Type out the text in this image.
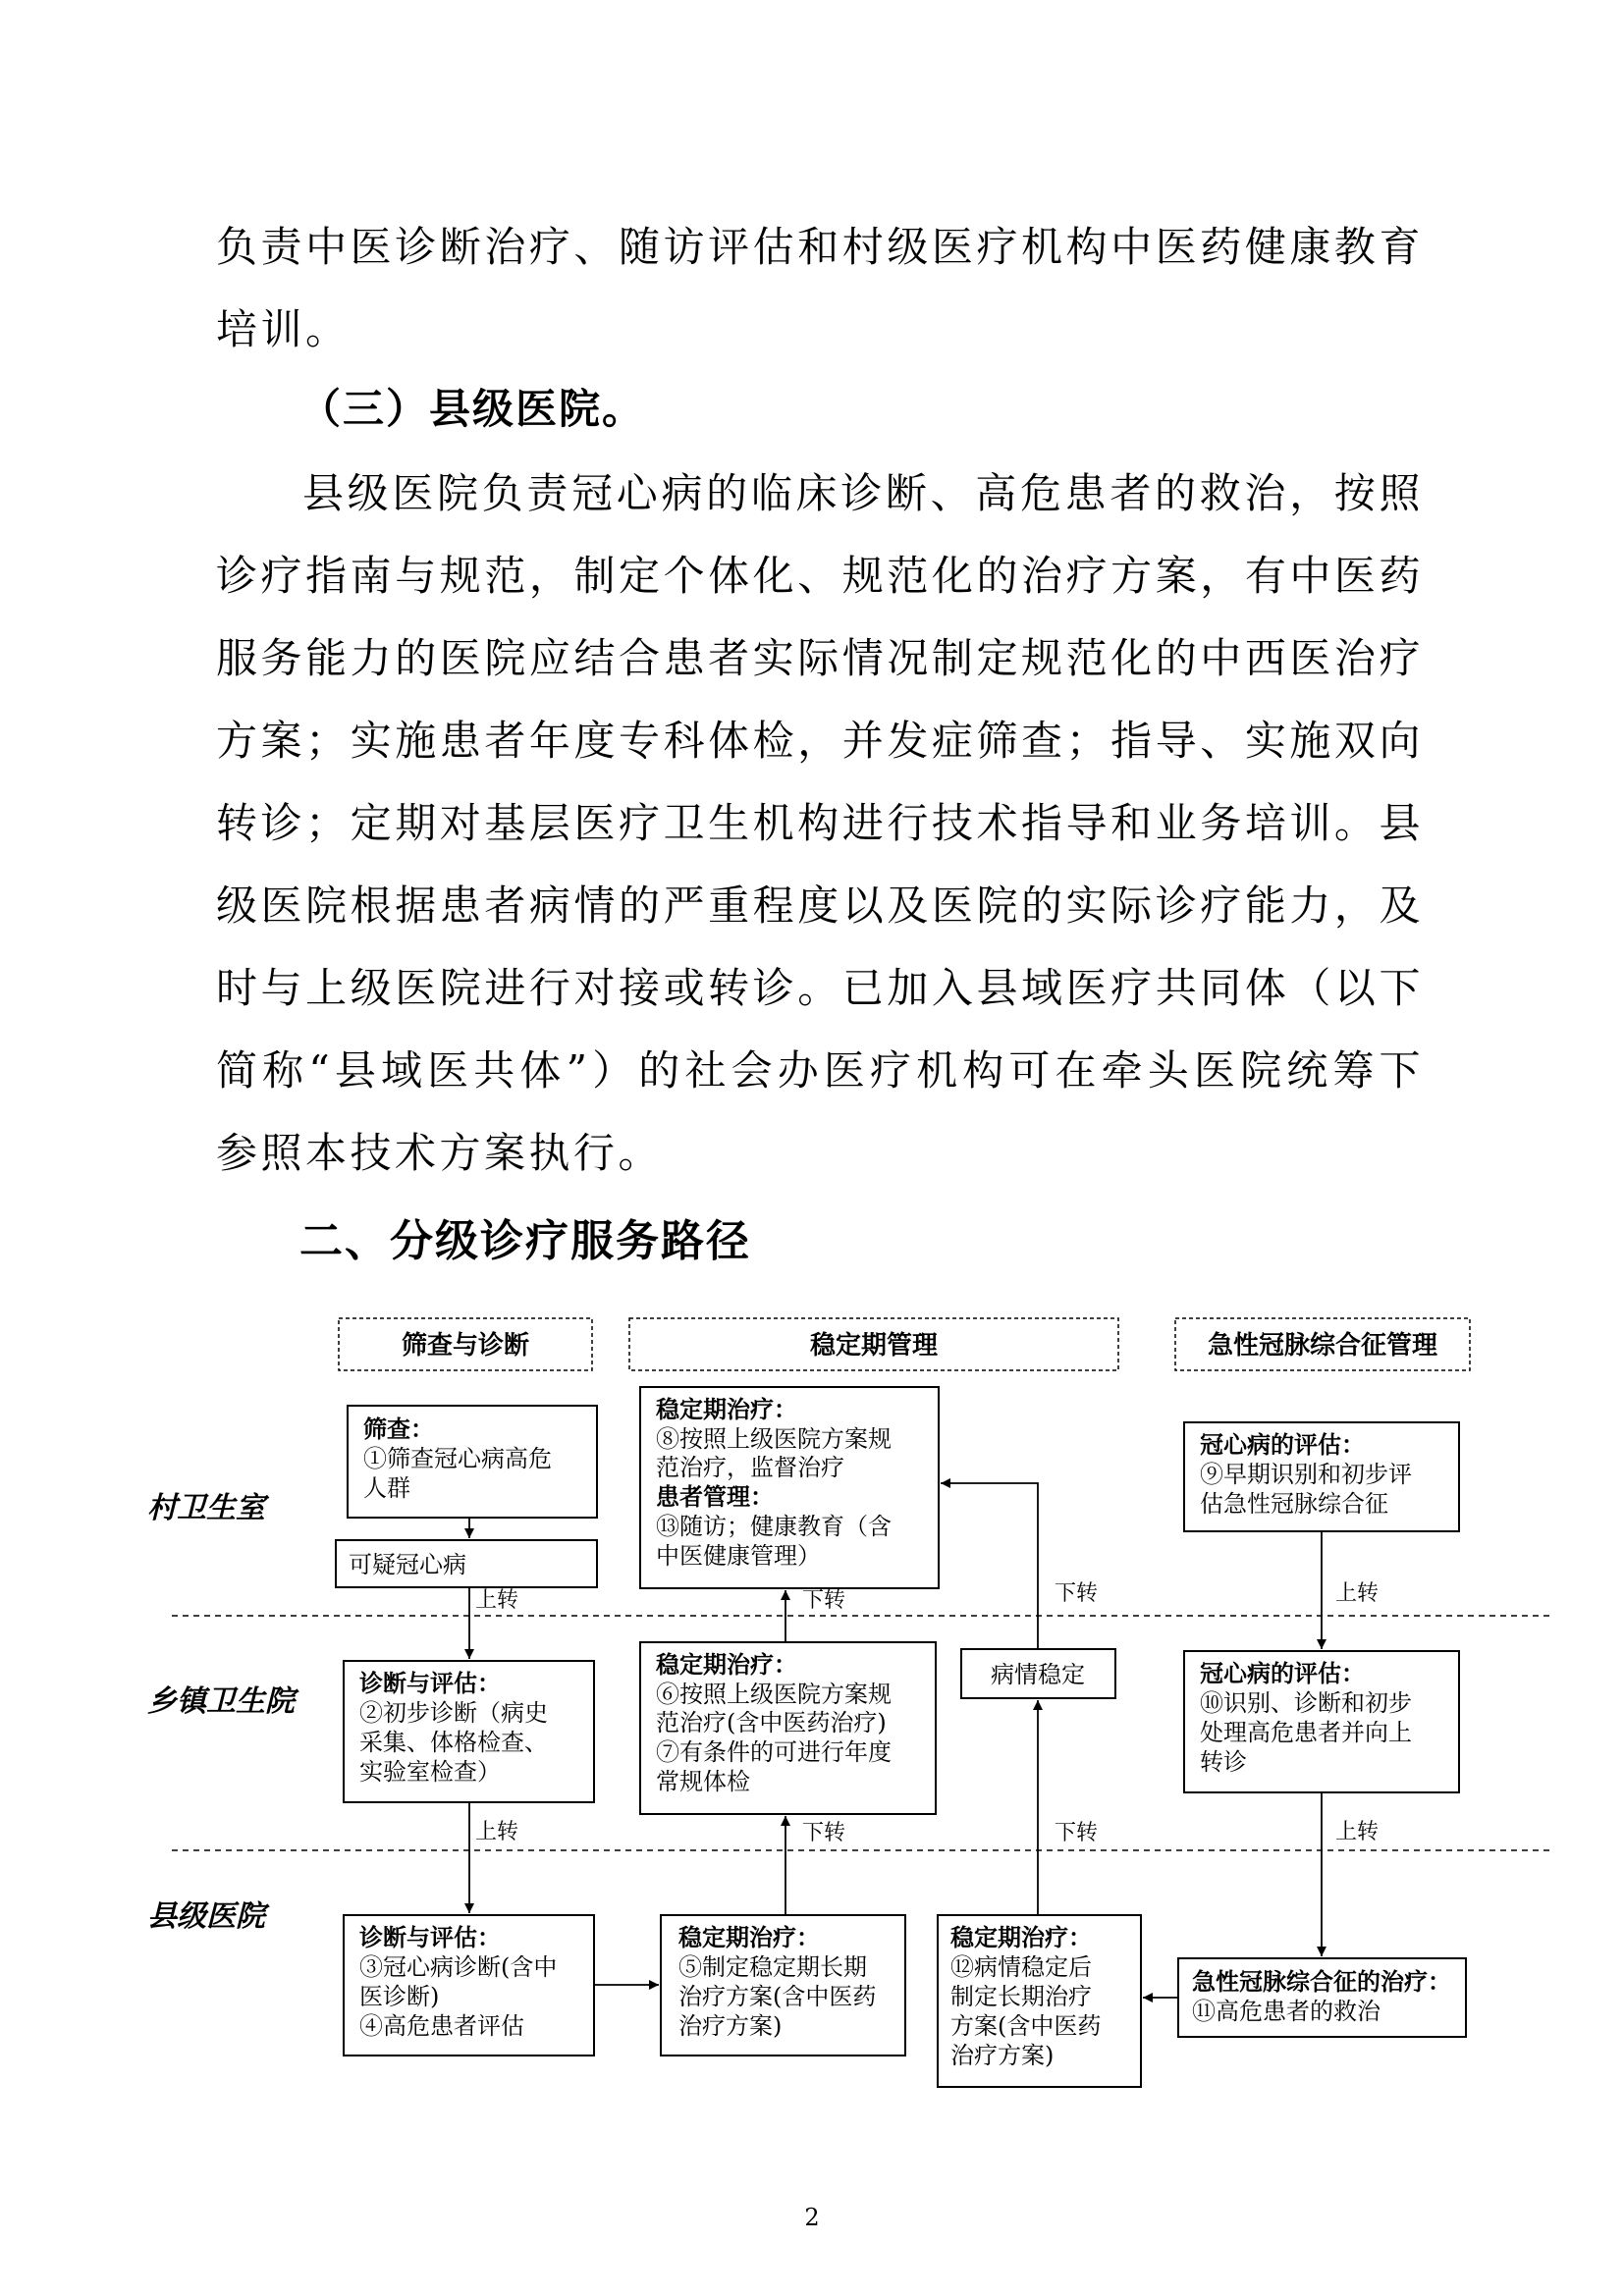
负责中医诊断治疗、随访评估和村级医疗机构中医药健康教育培训。

（三）县级医院。

县级医院负责冠心病的临床诊断、高危患者的救治，按照诊疗指南与规范，制定个体化、规范化的治疗方案，有中医药服务能力的医院应结合患者实际情况制定规范化的中西医治疗方案；实施患者年度专科体检，并发症筛查；指导、实施双向转诊；定期对基层医疗卫生机构进行技术指导和业务培训。县级医院根据患者病情的严重程度以及医院的实际诊疗能力，及时与上级医院进行对接或转诊。已加入县域医疗共同体（以下简称“县域医共体”）的社会办医疗机构可在牵头医院统筹下参照本技术方案执行。

二、分级诊疗服务路径

筛查与诊断	稳定期管理	急性冠脉综合征管理
村卫生室
乡镇卫生院
县级医院
筛查：
①筛查冠心病高危
人群
可疑冠心病
稳定期治疗：
⑧按照上级医院方案规
范治疗，监督治疗
患者管理：
⑬随访；健康教育（含
中医健康管理）
冠心病的评估：
⑨早期识别和初步评
估急性冠脉综合征
诊断与评估：
②初步诊断（病史
采集、体格检查、
实验室检查）
稳定期治疗：
⑥按照上级医院方案规
范治疗(含中医药治疗)
⑦有条件的可进行年度
常规体检
病情稳定	冠心病的评估：
⑩识别、诊断和初步
处理高危患者并向上
转诊
诊断与评估：
③冠心病诊断(含中
医诊断)
④高危患者评估
稳定期治疗：
⑤制定稳定期长期
治疗方案(含中医药
治疗方案)
稳定期治疗：
⑫病情稳定后
制定长期治疗
方案(含中医药
治疗方案)
急性冠脉综合征的治疗：
⑪高危患者的救治
上转
上转	下转
下转
下转
下转	上转
上转

2
